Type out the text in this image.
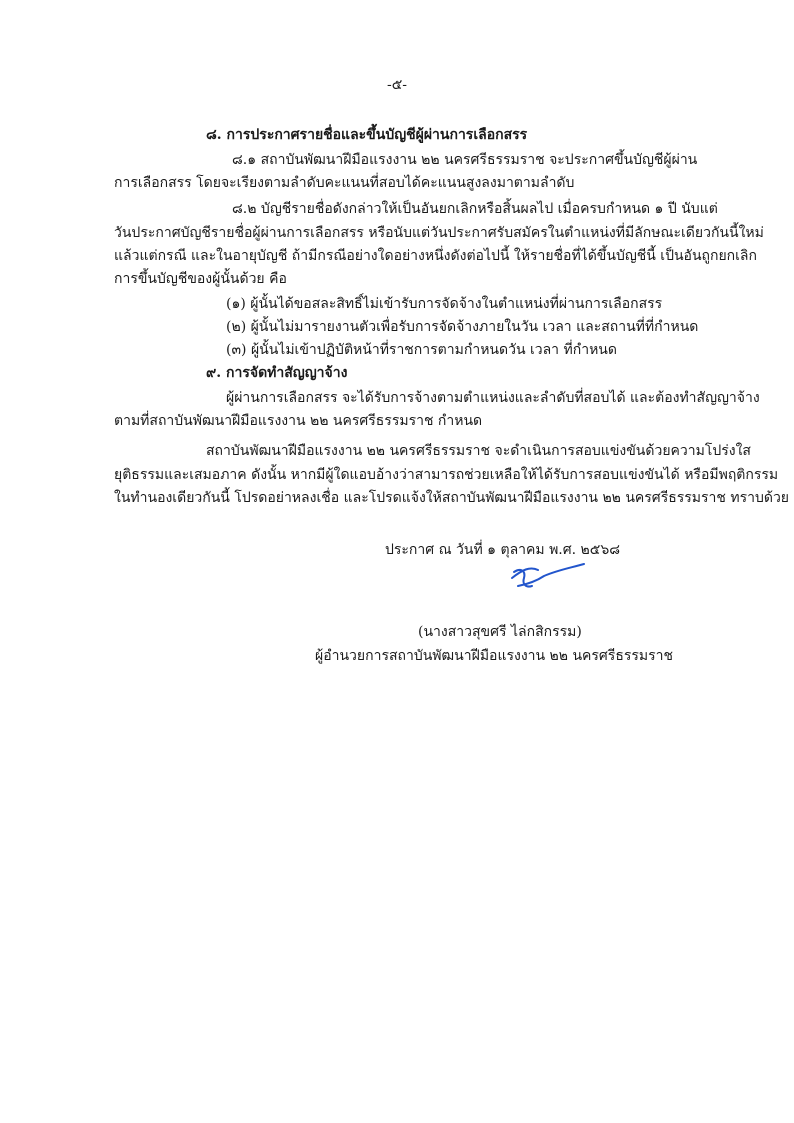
-๕-
๘. การประกาศรายชื่อและขึ้นบัญชีผู้ผ่านการเลือกสรร
๘.๑ สถาบันพัฒนาฝีมือแรงงาน ๒๒ นครศรีธรรมราช จะประกาศขึ้นบัญชีผู้ผ่าน
การเลือกสรร โดยจะเรียงตามลำดับคะแนนที่สอบได้คะแนนสูงลงมาตามลำดับ
๘.๒ บัญชีรายชื่อดังกล่าวให้เป็นอันยกเลิกหรือสิ้นผลไป เมื่อครบกำหนด ๑ ปี นับแต่
วันประกาศบัญชีรายชื่อผู้ผ่านการเลือกสรร หรือนับแต่วันประกาศรับสมัครในตำแหน่งที่มีลักษณะเดียวกันนี้ใหม่
แล้วแต่กรณี และในอายุบัญชี ถ้ามีกรณีอย่างใดอย่างหนึ่งดังต่อไปนี้ ให้รายชื่อที่ได้ขึ้นบัญชีนี้ เป็นอันถูกยกเลิก
การขึ้นบัญชีของผู้นั้นด้วย คือ
(๑) ผู้นั้นได้ขอสละสิทธิ์ไม่เข้ารับการจัดจ้างในตำแหน่งที่ผ่านการเลือกสรร
(๒) ผู้นั้นไม่มารายงานตัวเพื่อรับการจัดจ้างภายในวัน เวลา และสถานที่ที่กำหนด
(๓) ผู้นั้นไม่เข้าปฏิบัติหน้าที่ราชการตามกำหนดวัน เวลา ที่กำหนด
๙. การจัดทำสัญญาจ้าง
ผู้ผ่านการเลือกสรร จะได้รับการจ้างตามตำแหน่งและลำดับที่สอบได้ และต้องทำสัญญาจ้าง
ตามที่สถาบันพัฒนาฝีมือแรงงาน ๒๒ นครศรีธรรมราช กำหนด
สถาบันพัฒนาฝีมือแรงงาน ๒๒ นครศรีธรรมราช จะดำเนินการสอบแข่งขันด้วยความโปร่งใส
ยุติธรรมและเสมอภาค ดังนั้น หากมีผู้ใดแอบอ้างว่าสามารถช่วยเหลือให้ได้รับการสอบแข่งขันได้ หรือมีพฤติกรรม
ในทำนองเดียวกันนี้ โปรดอย่าหลงเชื่อ และโปรดแจ้งให้สถาบันพัฒนาฝีมือแรงงาน ๒๒ นครศรีธรรมราช ทราบด้วย
ประกาศ ณ วันที่ ๑ ตุลาคม พ.ศ. ๒๕๖๘
(นางสาวสุขศรี ไล่กสิกรรม)
ผู้อำนวยการสถาบันพัฒนาฝีมือแรงงาน ๒๒ นครศรีธรรมราช
